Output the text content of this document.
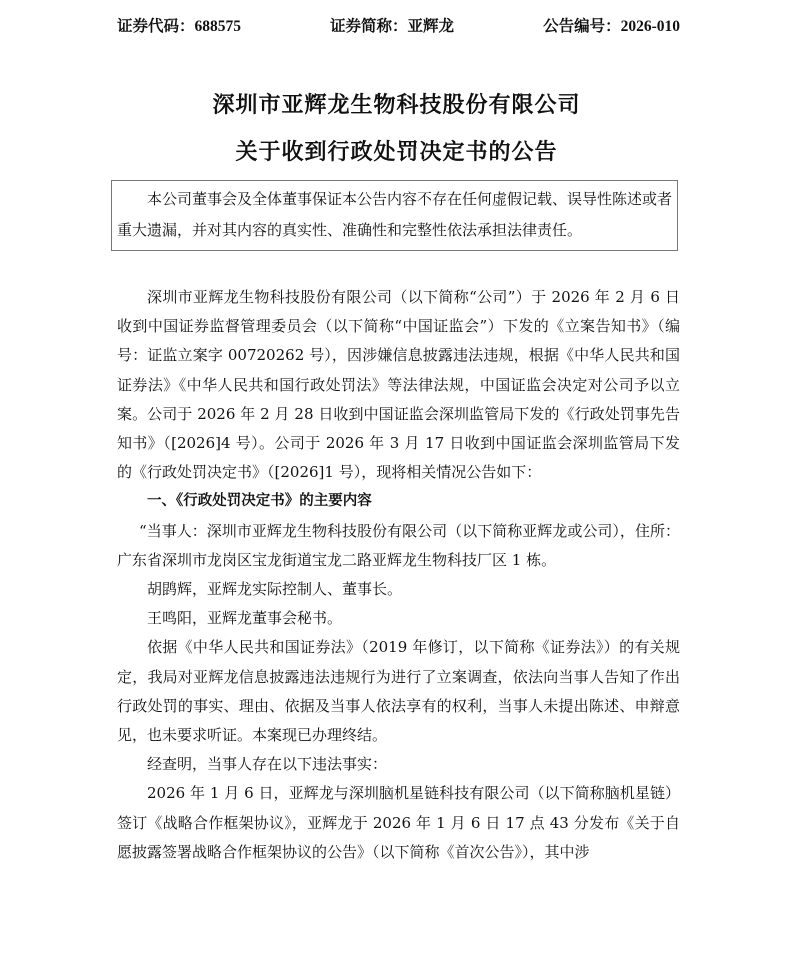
证券代码：688575	证券简称：亚辉龙	公告编号：2026-010
深圳市亚辉龙生物科技股份有限公司
关于收到行政处罚决定书的公告

本公司董事会及全体董事保证本公告内容不存在任何虚假记载、误导性陈述或者重大遗漏，并对其内容的真实性、准确性和完整性依法承担法律责任。

深圳市亚辉龙生物科技股份有限公司（以下简称“公司”）于 2026 年 2 月 6 日收到中国证券监督管理委员会（以下简称“中国证监会”）下发的《立案告知书》（编号：证监立案字 00720262 号），因涉嫌信息披露违法违规，根据《中华人民共和国证券法》《中华人民共和国行政处罚法》等法律法规，中国证监会决定对公司予以立案。公司于 2026 年 2 月 28 日收到中国证监会深圳监管局下发的《行政处罚事先告知书》（[2026]4 号）。公司于 2026 年 3 月 17 日收到中国证监会深圳监管局下发的《行政处罚决定书》（[2026]1 号），现将相关情况公告如下：

一、《行政处罚决定书》的主要内容

“当事人：深圳市亚辉龙生物科技股份有限公司（以下简称亚辉龙或公司），住所：广东省深圳市龙岗区宝龙街道宝龙二路亚辉龙生物科技厂区 1 栋。

胡鹍辉，亚辉龙实际控制人、董事长。

王鸣阳，亚辉龙董事会秘书。

依据《中华人民共和国证券法》（2019 年修订，以下简称《证券法》）的有关规定，我局对亚辉龙信息披露违法违规行为进行了立案调查，依法向当事人告知了作出行政处罚的事实、理由、依据及当事人依法享有的权利，当事人未提出陈述、申辩意见，也未要求听证。本案现已办理终结。

经查明，当事人存在以下违法事实：

2026 年 1 月 6 日，亚辉龙与深圳脑机星链科技有限公司（以下简称脑机星链）签订《战略合作框架协议》，亚辉龙于 2026 年 1 月 6 日 17 点 43 分发布《关于自愿披露签署战略合作框架协议的公告》（以下简称《首次公告》），其中涉
